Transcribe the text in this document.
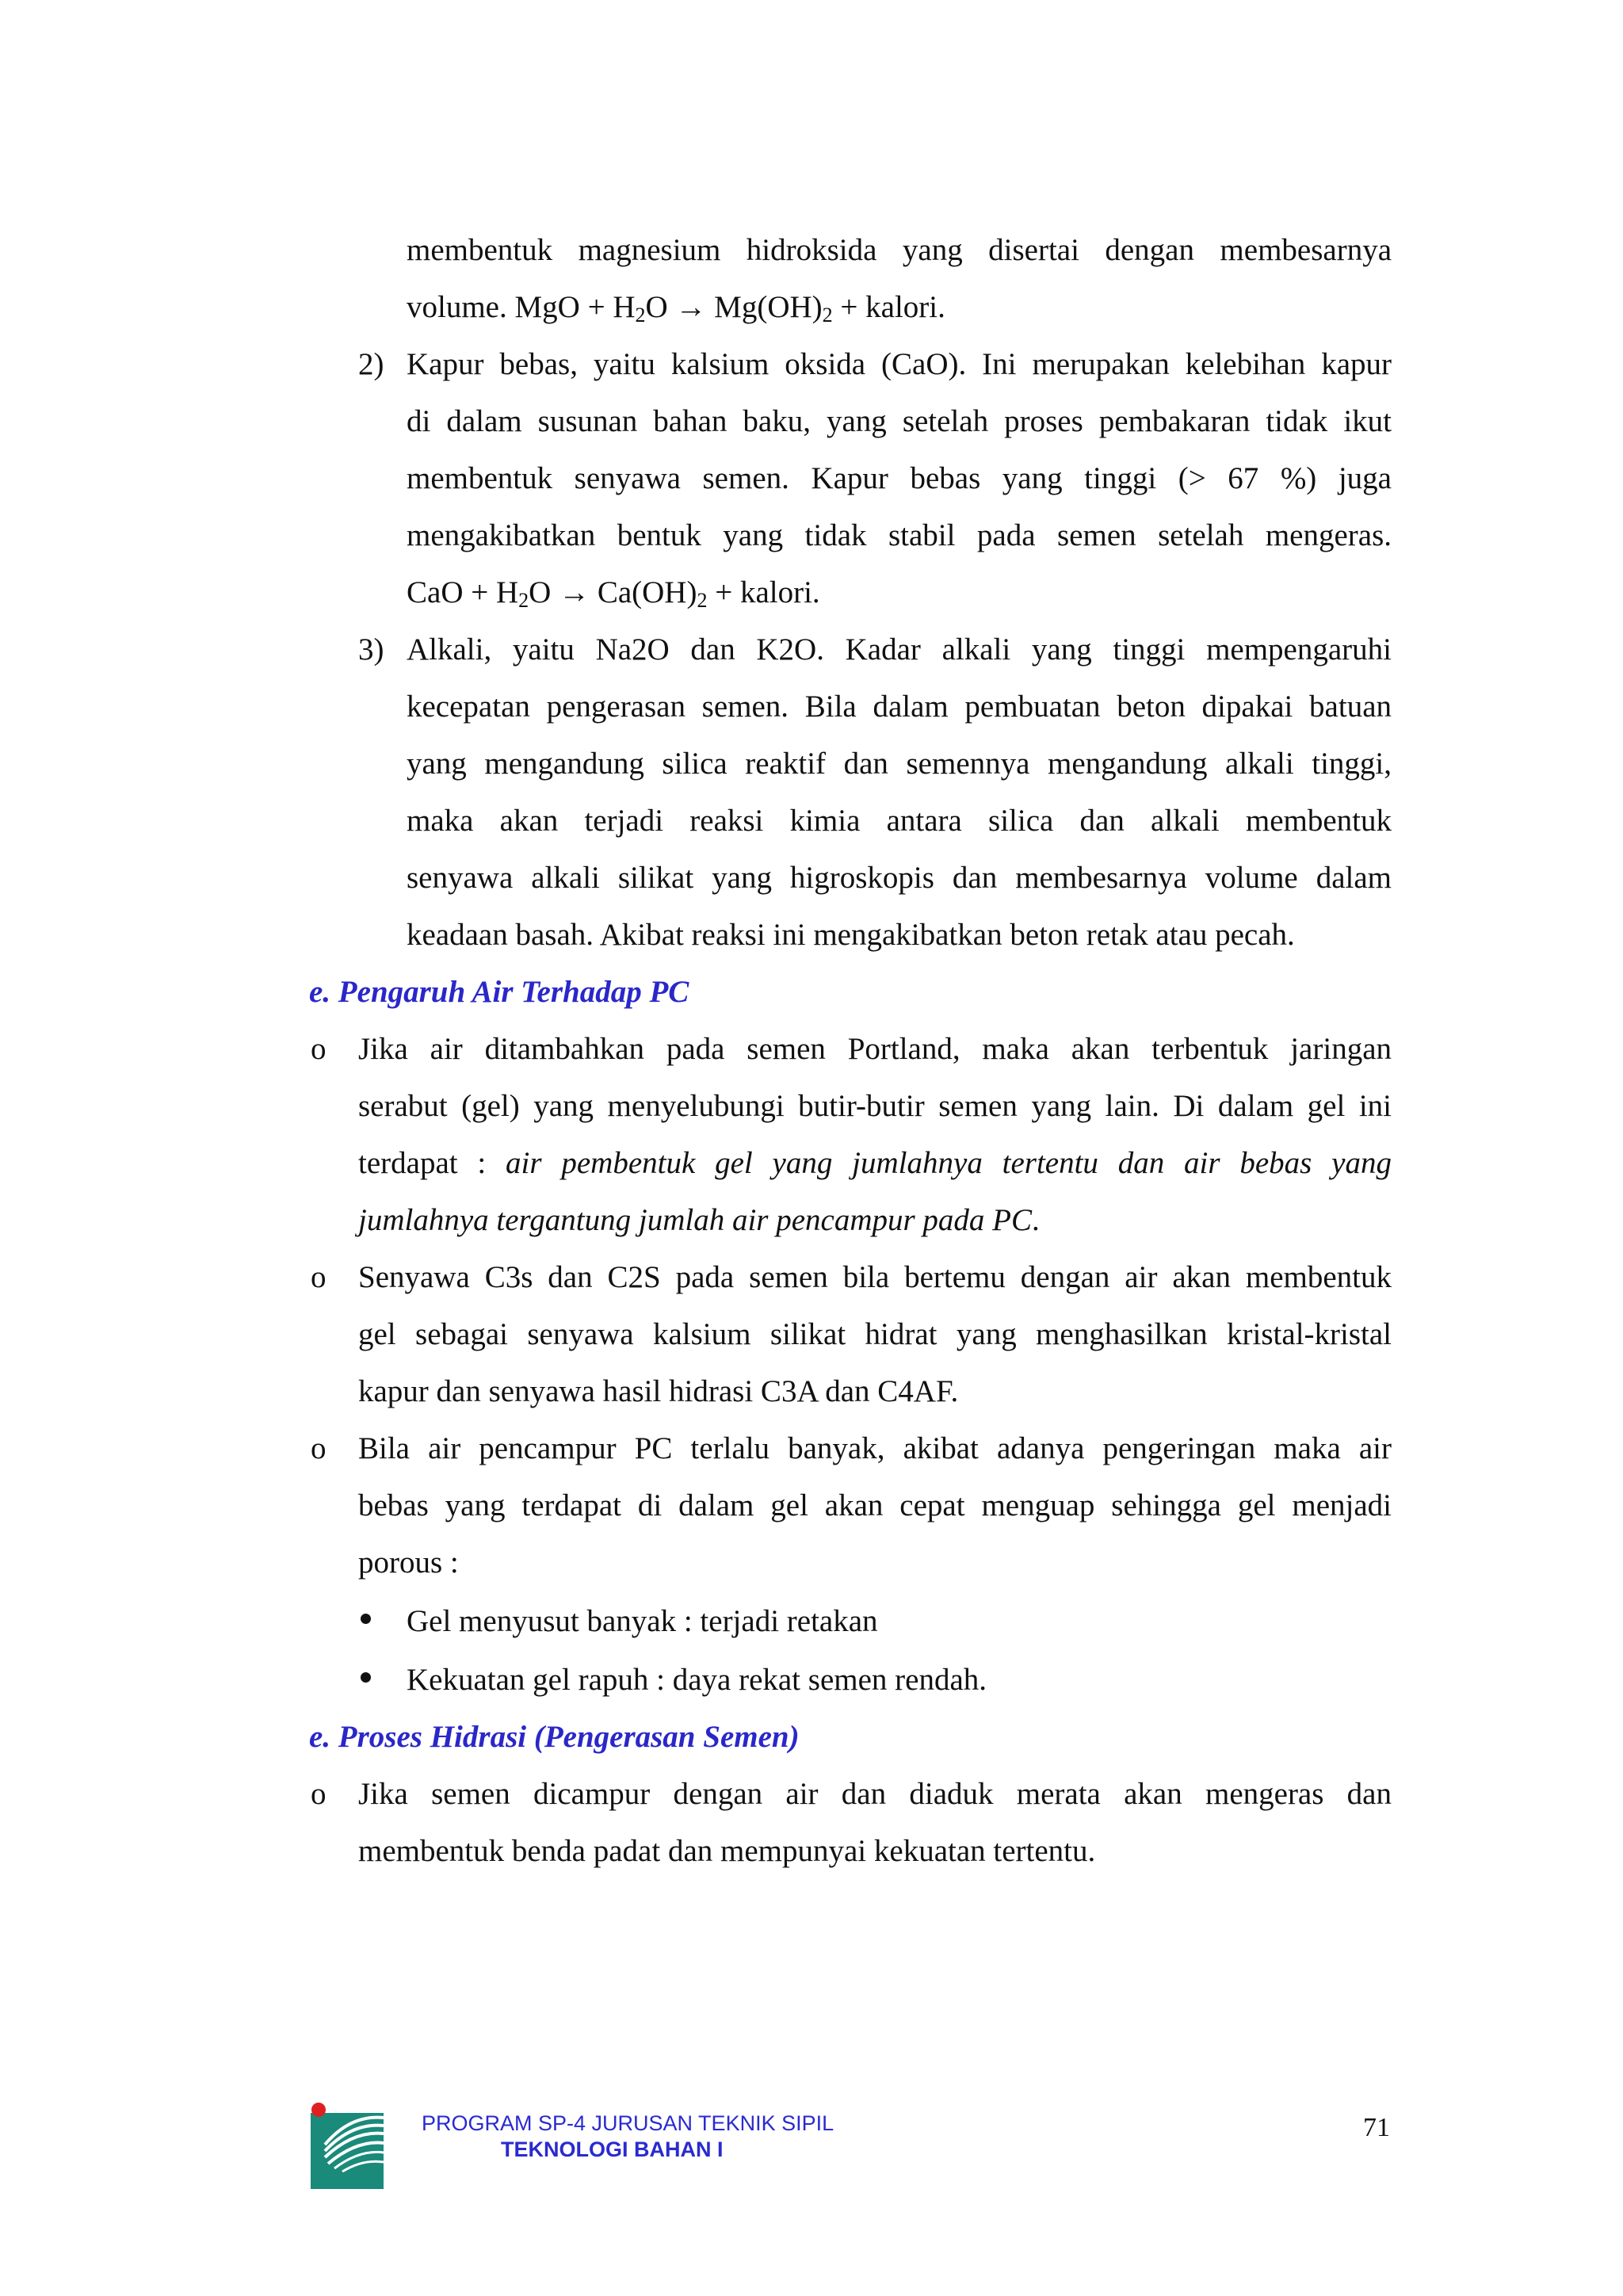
membentuk magnesium hidroksida yang disertai dengan membesarnya
volume. MgO + $H_2O \to Mg(OH)_2$ + kalori.
2) Kapur bebas, yaitu kalsium oksida (CaO). Ini merupakan kelebihan kapur
di dalam susunan bahan baku, yang setelah proses pembakaran tidak ikut
membentuk senyawa semen. Kapur bebas yang tinggi (> 67 %) juga
mengakibatkan bentuk yang tidak stabil pada semen setelah mengeras.
CaO + $H_2O \to Ca(OH)_2$ + kalori.
3) Alkali, yaitu Na2O dan K2O. Kadar alkali yang tinggi mempengaruhi
kecepatan pengerasan semen. Bila dalam pembuatan beton dipakai batuan
yang mengandung silica reaktif dan semennya mengandung alkali tinggi,
maka akan terjadi reaksi kimia antara silica dan alkali membentuk
senyawa alkali silikat yang higroskopis dan membesarnya volume dalam
keadaan basah. Akibat reaksi ini mengakibatkan beton retak atau pecah.
e. Pengaruh Air Terhadap PC
o Jika air ditambahkan pada semen Portland, maka akan terbentuk jaringan
serabut (gel) yang menyelubungi butir-butir semen yang lain. Di dalam gel ini
terdapat : air pembentuk gel yang jumlahnya tertentu dan air bebas yang
jumlahnya tergantung jumlah air pencampur pada PC.
o Senyawa C3s dan C2S pada semen bila bertemu dengan air akan membentuk
gel sebagai senyawa kalsium silikat hidrat yang menghasilkan kristal-kristal
kapur dan senyawa hasil hidrasi C3A dan C4AF.
o Bila air pencampur PC terlalu banyak, akibat adanya pengeringan maka air
bebas yang terdapat di dalam gel akan cepat menguap sehingga gel menjadi
porous :
Gel menyusut banyak : terjadi retakan
Kekuatan gel rapuh : daya rekat semen rendah.
e. Proses Hidrasi (Pengerasan Semen)
o Jika semen dicampur dengan air dan diaduk merata akan mengeras dan
membentuk benda padat dan mempunyai kekuatan tertentu.
PROGRAM SP-4 JURUSAN TEKNIK SIPIL
TEKNOLOGI BAHAN I
71
